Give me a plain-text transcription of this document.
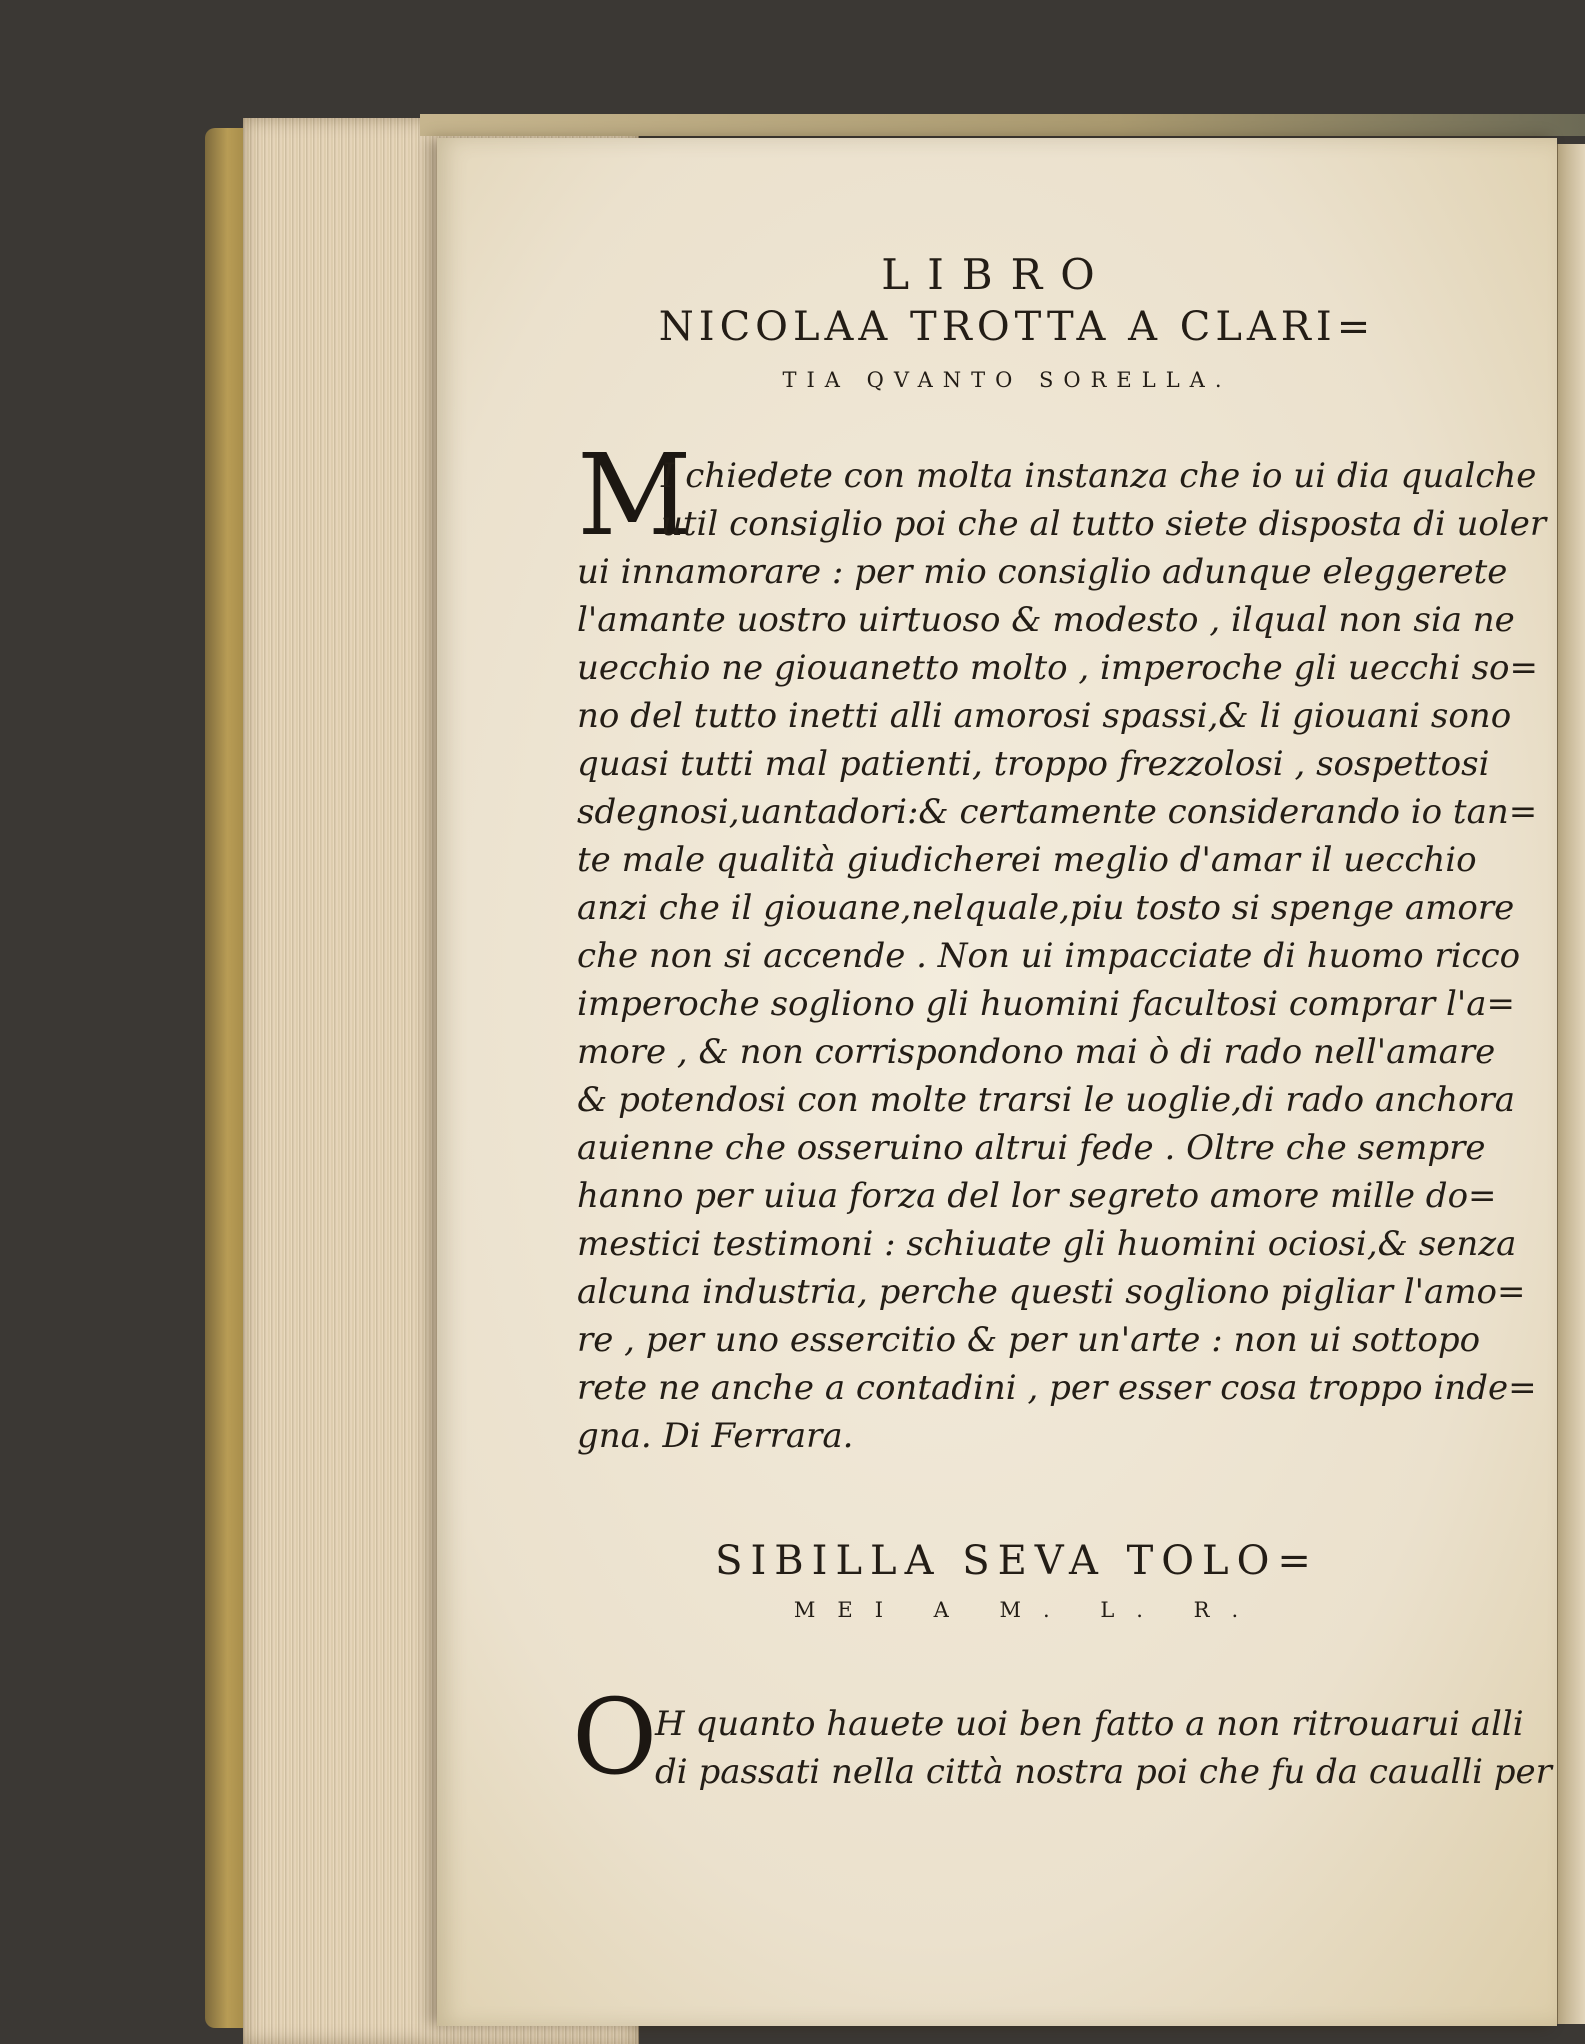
LIBRO
NICOLAA TROTTA A CLARI=
TIA QVANTO SORELLA.
M
I chiedete con molta instanza che io ui dia qualche
util consiglio poi che al tutto siete disposta di uoler
ui innamorare : per mio consiglio adunque eleggerete
l'amante uostro uirtuoso & modesto , ilqual non sia ne
uecchio ne giouanetto molto , imperoche gli uecchi so=
no del tutto inetti alli amorosi spassi,& li giouani sono
quasi tutti mal patienti, troppo frezzolosi , sospettosi
sdegnosi,uantadori:& certamente considerando io tan=
te male qualità giudicherei meglio d'amar il uecchio
anzi che il giouane,nelquale,piu tosto si spenge amore
che non si accende . Non ui impacciate di huomo ricco
imperoche sogliono gli huomini facultosi comprar l'a=
more , & non corrispondono mai ò di rado nell'amare
& potendosi con molte trarsi le uoglie,di rado anchora
auienne che osseruino altrui fede . Oltre che sempre
hanno per uiua forza del lor segreto amore mille do=
mestici testimoni : schiuate gli huomini ociosi,& senza
alcuna industria, perche questi sogliono pigliar l'amo=
re , per uno essercitio & per un'arte : non ui sottopo
rete ne anche a contadini , per esser cosa troppo inde=
gna. Di Ferrara.
SIBILLA SEVA TOLO=
MEI A M. L. R.
O
H quanto hauete uoi ben fatto a non ritrouarui alli
di passati nella città nostra poi che fu da caualli per
